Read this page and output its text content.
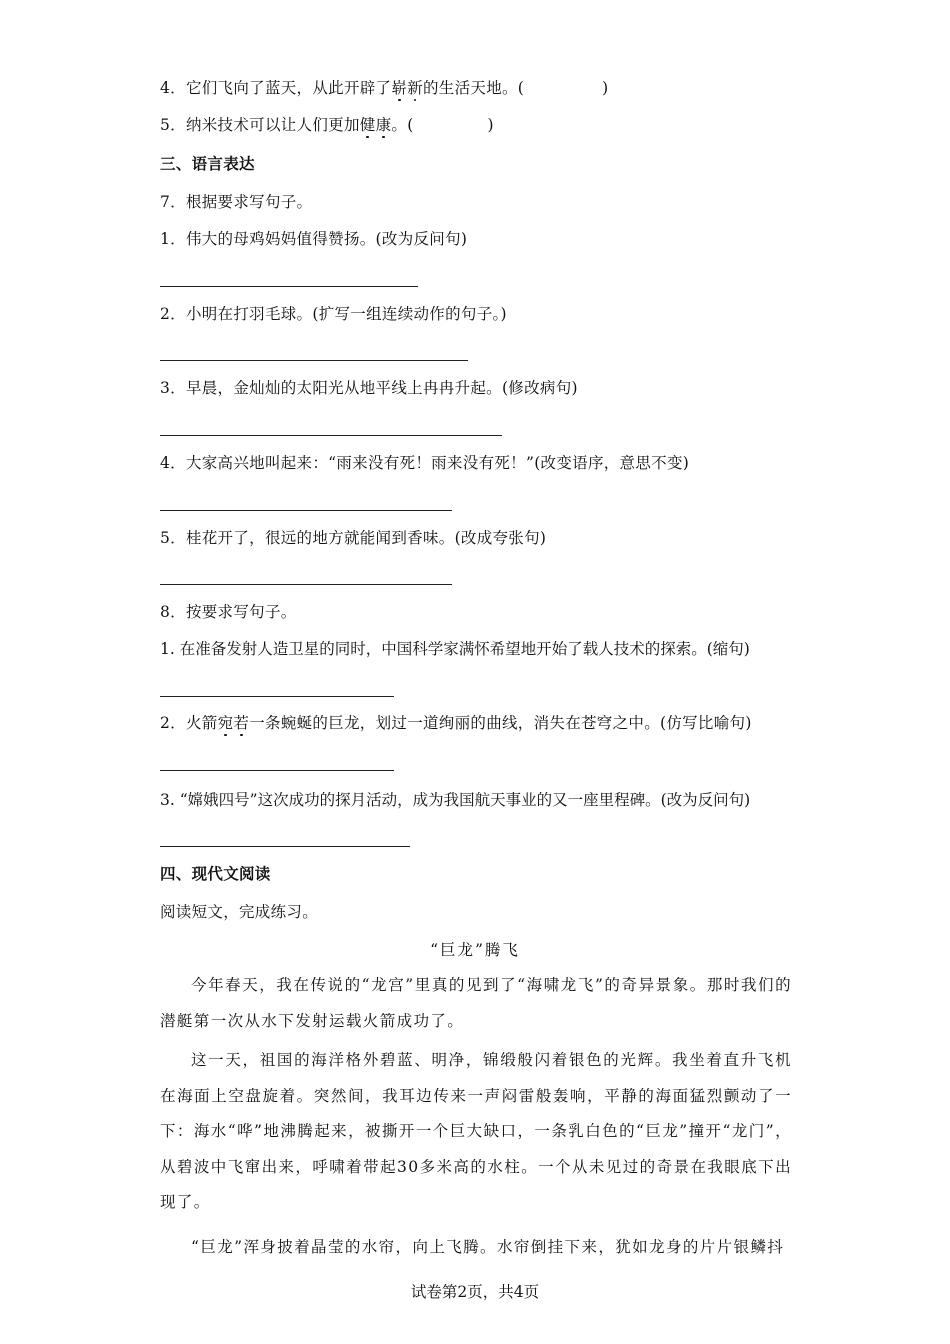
4．它们飞向了蓝天，从此开辟了崭新的生活天地。(	)
5．纳米技术可以让人们更加健康。(	)
三、语言表达
7．根据要求写句子。
1．伟大的母鸡妈妈值得赞扬。(改为反问句)
2．小明在打羽毛球。(扩写一组连续动作的句子。)
3．早晨，金灿灿的太阳光从地平线上冉冉升起。(修改病句)
4．大家高兴地叫起来：“雨来没有死！雨来没有死！”(改变语序，意思不变)
5．桂花开了，很远的地方就能闻到香味。(改成夸张句)
8．按要求写句子。
1. 在准备发射人造卫星的同时，中国科学家满怀希望地开始了载人技术的探索。(缩句)
2．火箭宛若一条蜿蜒的巨龙，划过一道绚丽的曲线，消失在苍穹之中。(仿写比喻句)
3. “嫦娥四号”这次成功的探月活动，成为我国航天事业的又一座里程碑。(改为反问句)
四、现代文阅读
阅读短文，完成练习。
“巨龙”腾飞

今年春天，我在传说的“龙宫”里真的见到了“海啸龙飞”的奇异景象。那时我们的潜艇第一次从水下发射运载火箭成功了。

这一天，祖国的海洋格外碧蓝、明净，锦缎般闪着银色的光辉。我坐着直升飞机在海面上空盘旋着。突然间，我耳边传来一声闷雷般轰响，平静的海面猛烈颤动了一下：海水“哗”地沸腾起来，被撕开一个巨大缺口，一条乳白色的“巨龙”撞开“龙门”，从碧波中飞窜出来，呼啸着带起30多米高的水柱。一个从未见过的奇景在我眼底下出现了。

“巨龙”浑身披着晶莹的水帘，向上飞腾。水帘倒挂下来，犹如龙身的片片银鳞抖

试卷第2页，共4页
